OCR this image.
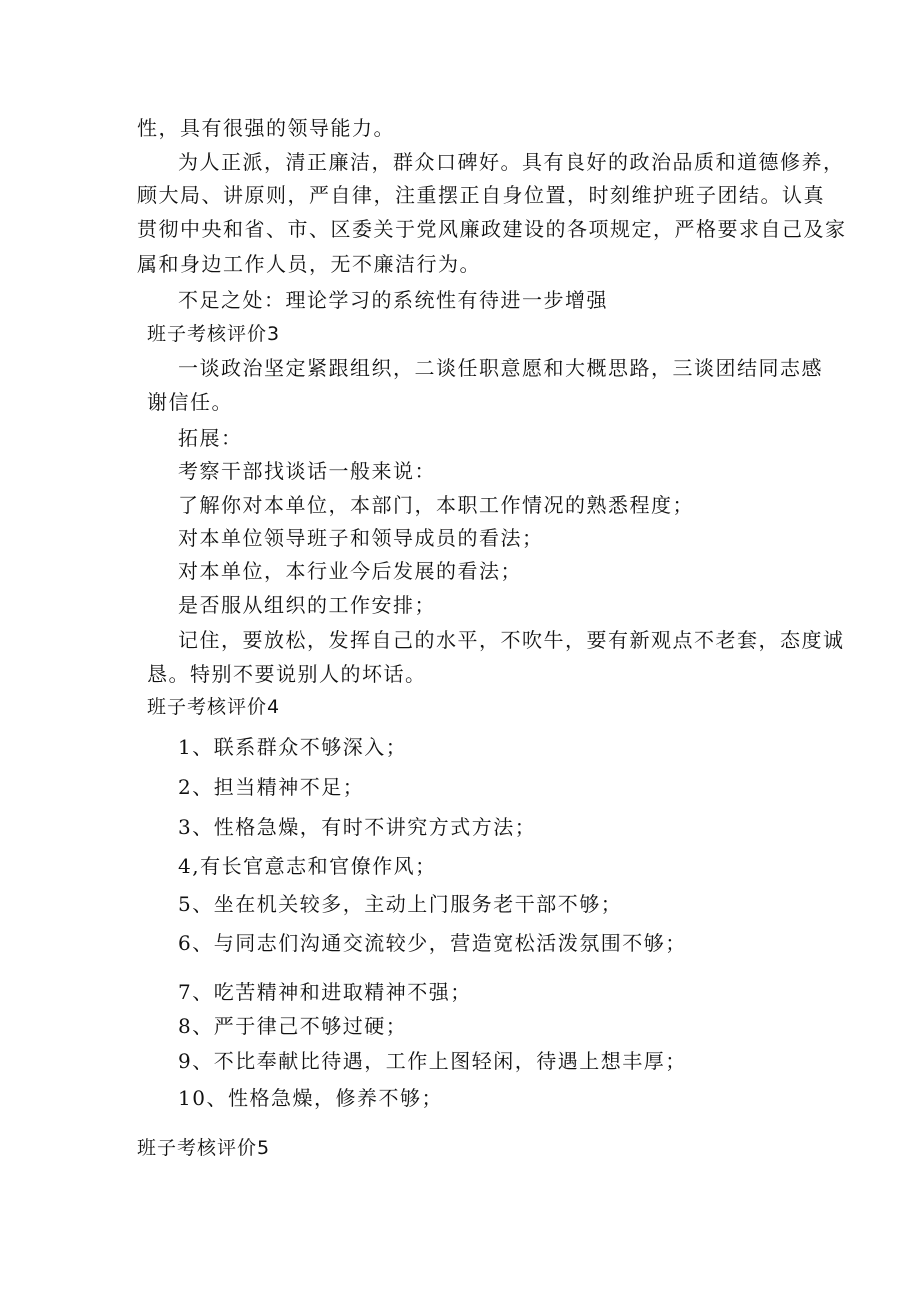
性，具有很强的领导能力。
为人正派，清正廉洁，群众口碑好。具有良好的政治品质和道德修养，
顾大局、讲原则，严自律，注重摆正自身位置，时刻维护班子团结。认真
贯彻中央和省、市、区委关于党风廉政建设的各项规定，严格要求自己及家
属和身边工作人员，无不廉洁行为。
不足之处：理论学习的系统性有待进一步增强
班子考核评价3
一谈政治坚定紧跟组织，二谈任职意愿和大概思路，三谈团结同志感
谢信任。
拓展：
考察干部找谈话一般来说：
了解你对本单位，本部门，本职工作情况的熟悉程度；
对本单位领导班子和领导成员的看法；
对本单位，本行业今后发展的看法；
是否服从组织的工作安排；
记住，要放松，发挥自己的水平，不吹牛，要有新观点不老套，态度诚
恳。特别不要说别人的坏话。
班子考核评价4
1、联系群众不够深入；
2、担当精神不足；
3、性格急燥，有时不讲究方式方法；
4,有长官意志和官僚作风；
5、坐在机关较多，主动上门服务老干部不够；
6、与同志们沟通交流较少，营造宽松活泼氛围不够；
7、吃苦精神和进取精神不强；
8、严于律己不够过硬；
9、不比奉献比待遇，工作上图轻闲，待遇上想丰厚；
10、性格急燥，修养不够；
班子考核评价5
